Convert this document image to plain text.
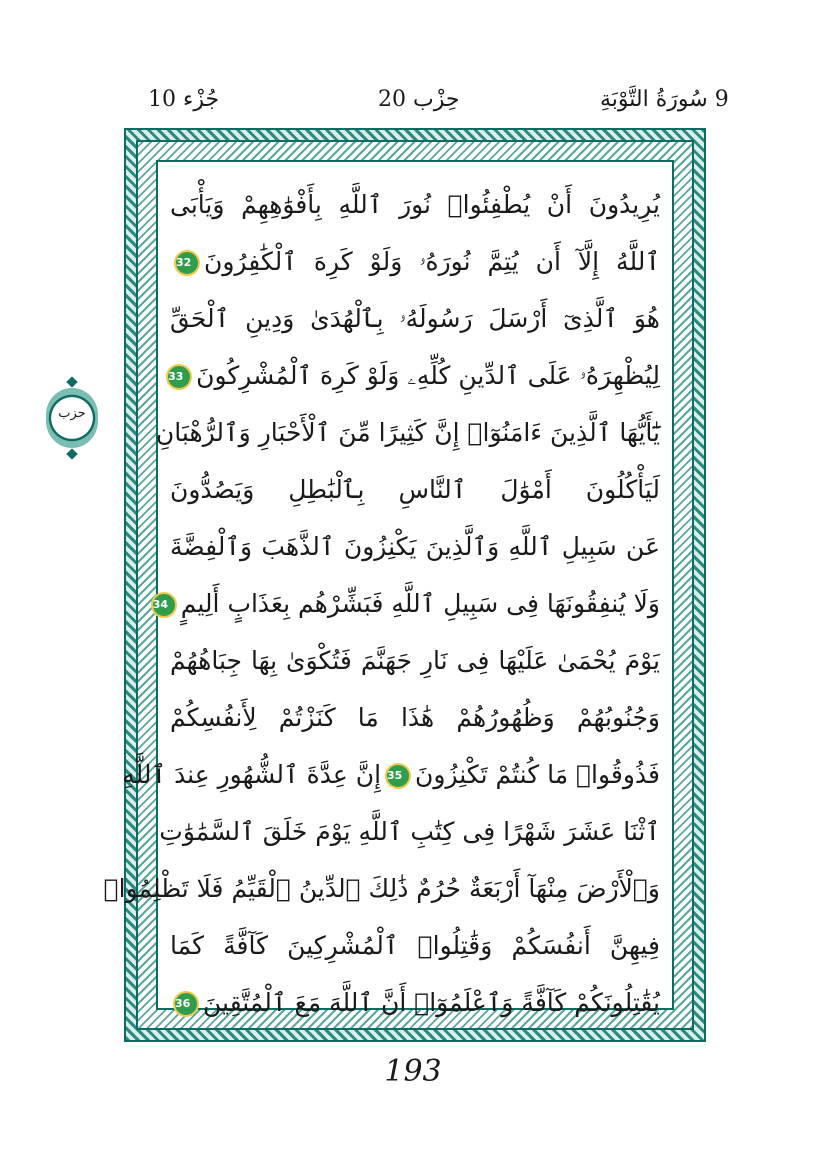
جُزْء 10	حِزْب 20	9 سُورَةُ التَّوْبَةِ
يُرِيدُونَ أَنْ يُطْفِئُوا۟ نُورَ ٱللَّهِ بِأَفْوَٰهِهِمْ وَيَأْبَى
ٱللَّهُ إِلَّآ أَن يُتِمَّ نُورَهُۥ وَلَوْ كَرِهَ ٱلْكَٰفِرُونَ32
هُوَ ٱلَّذِىٓ أَرْسَلَ رَسُولَهُۥ بِٱلْهُدَىٰ وَدِينِ ٱلْحَقِّ
لِيُظْهِرَهُۥ عَلَى ٱلدِّينِ كُلِّهِۦ وَلَوْ كَرِهَ ٱلْمُشْرِكُونَ33
يَٰٓأَيُّهَا ٱلَّذِينَ ءَامَنُوٓا۟ إِنَّ كَثِيرًا مِّنَ ٱلْأَحْبَارِ وَٱلرُّهْبَانِ
لَيَأْكُلُونَ أَمْوَٰلَ ٱلنَّاسِ بِٱلْبَٰطِلِ وَيَصُدُّونَ
عَن سَبِيلِ ٱللَّهِ وَٱلَّذِينَ يَكْنِزُونَ ٱلذَّهَبَ وَٱلْفِضَّةَ
وَلَا يُنفِقُونَهَا فِى سَبِيلِ ٱللَّهِ فَبَشِّرْهُم بِعَذَابٍ أَلِيمٍ34
يَوْمَ يُحْمَىٰ عَلَيْهَا فِى نَارِ جَهَنَّمَ فَتُكْوَىٰ بِهَا جِبَاهُهُمْ
وَجُنُوبُهُمْ وَظُهُورُهُمْ هَٰذَا مَا كَنَزْتُمْ لِأَنفُسِكُمْ
فَذُوقُوا۟ مَا كُنتُمْ تَكْنِزُونَ35إِنَّ عِدَّةَ ٱلشُّهُورِ عِندَ ٱللَّهِ
ٱثْنَا عَشَرَ شَهْرًا فِى كِتَٰبِ ٱللَّهِ يَوْمَ خَلَقَ ٱلسَّمَٰوَٰتِ
وَٱلْأَرْضَ مِنْهَآ أَرْبَعَةٌ حُرُمٌ ذَٰلِكَ ٱلدِّينُ ٱلْقَيِّمُ فَلَا تَظْلِمُوا۟
فِيهِنَّ أَنفُسَكُمْ وَقَٰتِلُوا۟ ٱلْمُشْرِكِينَ كَآفَّةً كَمَا
يُقَٰتِلُونَكُمْ كَآفَّةً وَٱعْلَمُوٓا۟ أَنَّ ٱللَّهَ مَعَ ٱلْمُتَّقِينَ36
حزب
193
